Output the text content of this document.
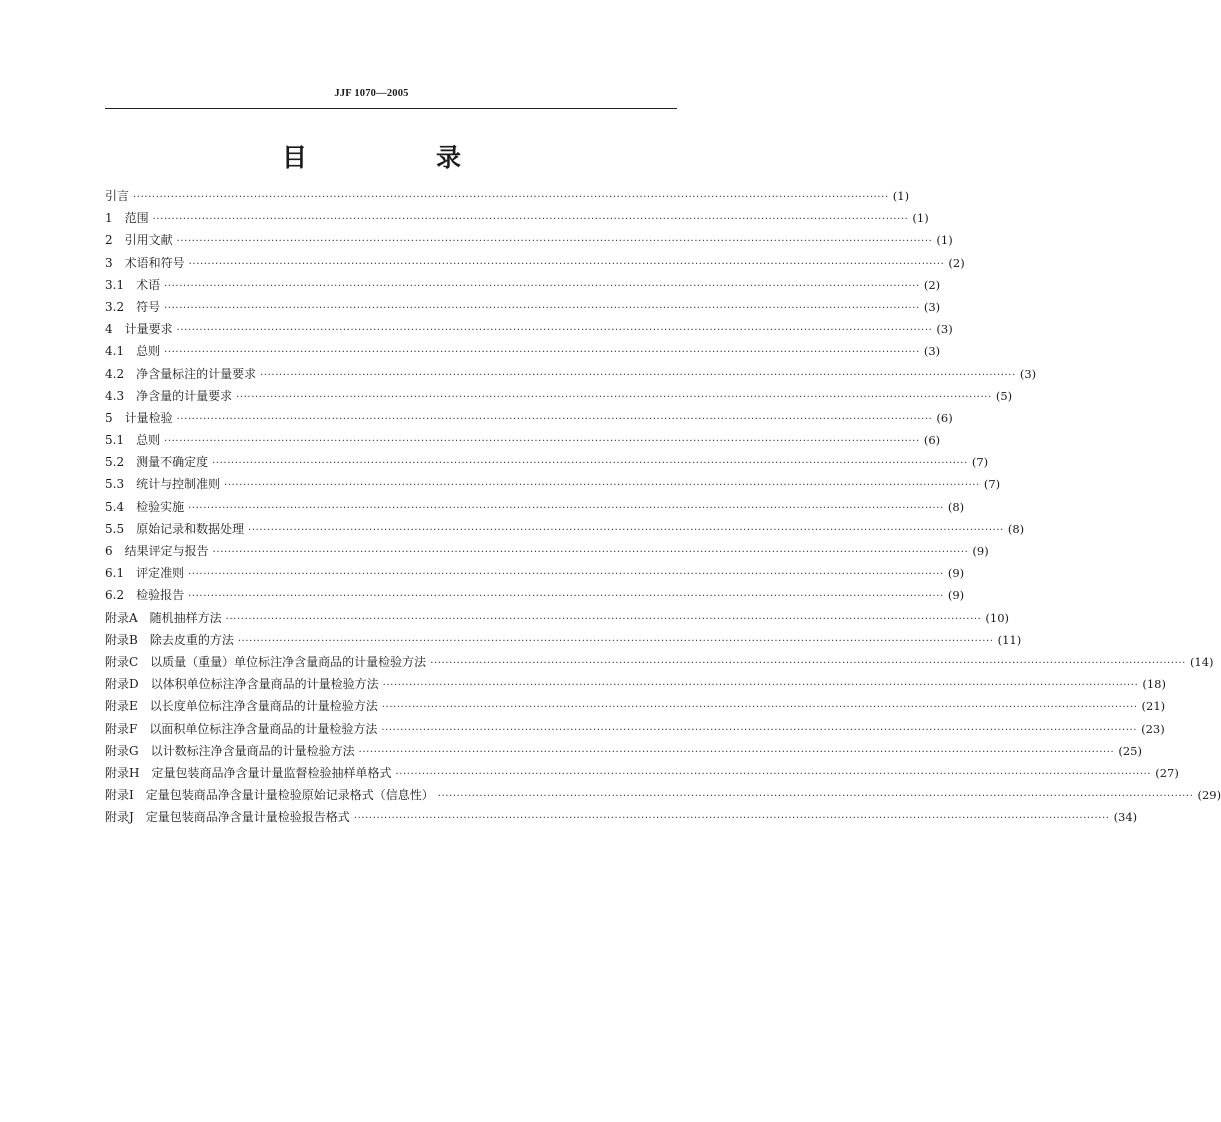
JJF 1070—2005
目　录
引言 ········································································································································································································ (1)
1　范围 ········································································································································································································ (1)
2　引用文献 ········································································································································································································ (1)
3　术语和符号 ········································································································································································································ (2)
3.1　术语 ········································································································································································································ (2)
3.2　符号 ········································································································································································································ (3)
4　计量要求 ········································································································································································································ (3)
4.1　总则 ········································································································································································································ (3)
4.2　净含量标注的计量要求 ········································································································································································································ (3)
4.3　净含量的计量要求 ········································································································································································································ (5)
5　计量检验 ········································································································································································································ (6)
5.1　总则 ········································································································································································································ (6)
5.2　测量不确定度 ········································································································································································································ (7)
5.3　统计与控制准则 ········································································································································································································ (7)
5.4　检验实施 ········································································································································································································ (8)
5.5　原始记录和数据处理 ········································································································································································································ (8)
6　结果评定与报告 ········································································································································································································ (9)
6.1　评定准则 ········································································································································································································ (9)
6.2　检验报告 ········································································································································································································ (9)
附录A　随机抽样方法 ········································································································································································································ (10)
附录B　除去皮重的方法 ········································································································································································································ (11)
附录C　以质量（重量）单位标注净含量商品的计量检验方法 ········································································································································································································ (14)
附录D　以体积单位标注净含量商品的计量检验方法 ········································································································································································································ (18)
附录E　以长度单位标注净含量商品的计量检验方法 ········································································································································································································ (21)
附录F　以面积单位标注净含量商品的计量检验方法 ········································································································································································································ (23)
附录G　以计数标注净含量商品的计量检验方法 ········································································································································································································ (25)
附录H　定量包装商品净含量计量监督检验抽样单格式 ········································································································································································································ (27)
附录I　定量包装商品净含量计量检验原始记录格式（信息性） ········································································································································································································ (29)
附录J　定量包装商品净含量计量检验报告格式 ········································································································································································································ (34)
